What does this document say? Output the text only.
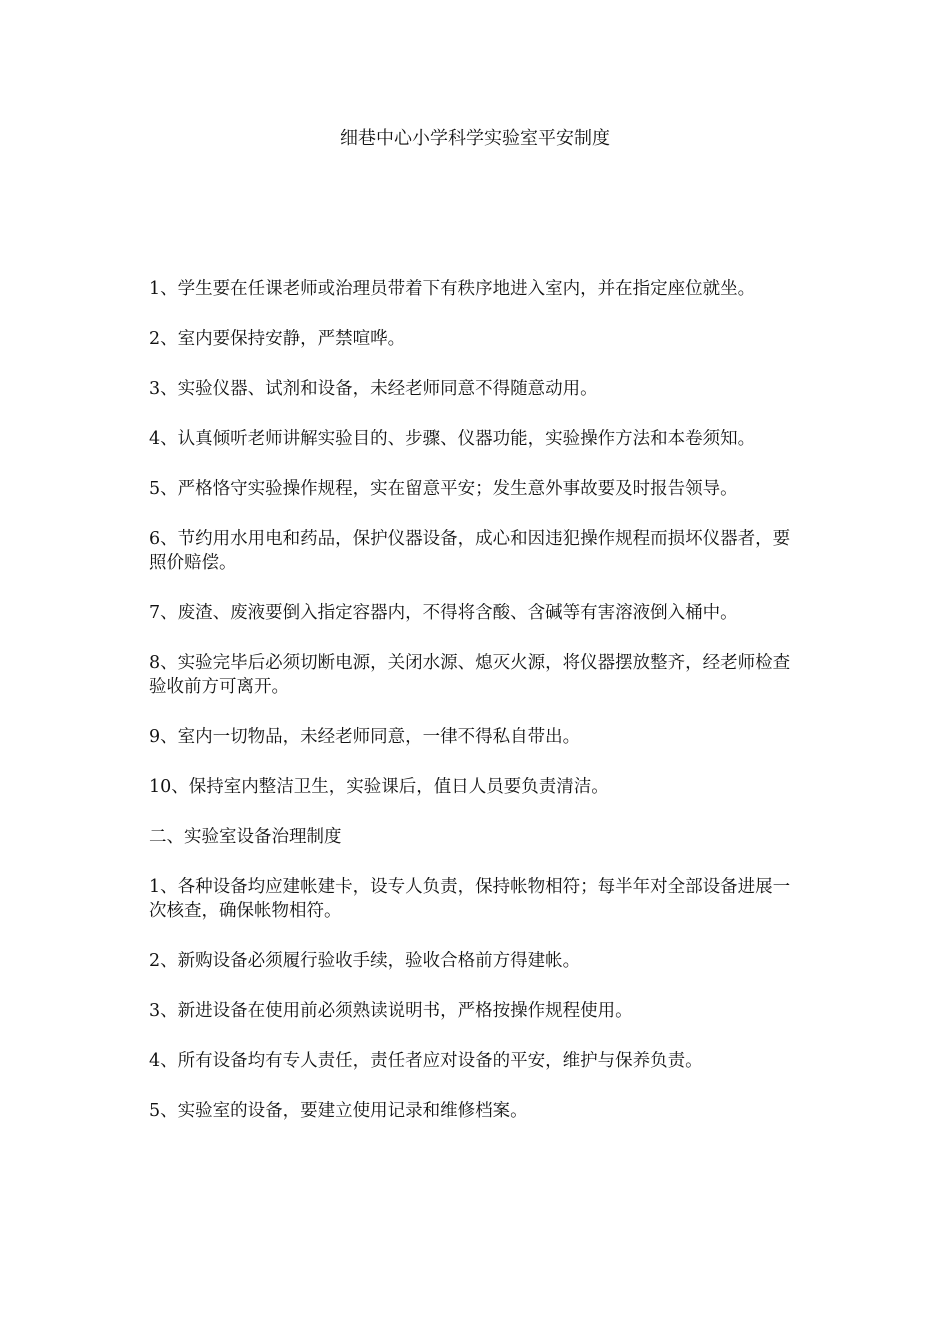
细巷中心小学科学实验室平安制度

1、学生要在任课老师或治理员带着下有秩序地进入室内，并在指定座位就坐。

2、室内要保持安静，严禁喧哗。

3、实验仪器、试剂和设备，未经老师同意不得随意动用。

4、认真倾听老师讲解实验目的、步骤、仪器功能，实验操作方法和本卷须知。

5、严格恪守实验操作规程，实在留意平安；发生意外事故要及时报告领导。

6、节约用水用电和药品，保护仪器设备，成心和因违犯操作规程而损坏仪器者，要照价赔偿。

7、废渣、废液要倒入指定容器内，不得将含酸、含碱等有害溶液倒入桶中。

8、实验完毕后必须切断电源，关闭水源、熄灭火源，将仪器摆放整齐，经老师检查验收前方可离开。

9、室内一切物品，未经老师同意，一律不得私自带出。

10、保持室内整洁卫生，实验课后，值日人员要负责清洁。

二、实验室设备治理制度

1、各种设备均应建帐建卡，设专人负责，保持帐物相符；每半年对全部设备进展一次核查，确保帐物相符。

2、新购设备必须履行验收手续，验收合格前方得建帐。

3、新进设备在使用前必须熟读说明书，严格按操作规程使用。

4、所有设备均有专人责任，责任者应对设备的平安，维护与保养负责。

5、实验室的设备，要建立使用记录和维修档案。
